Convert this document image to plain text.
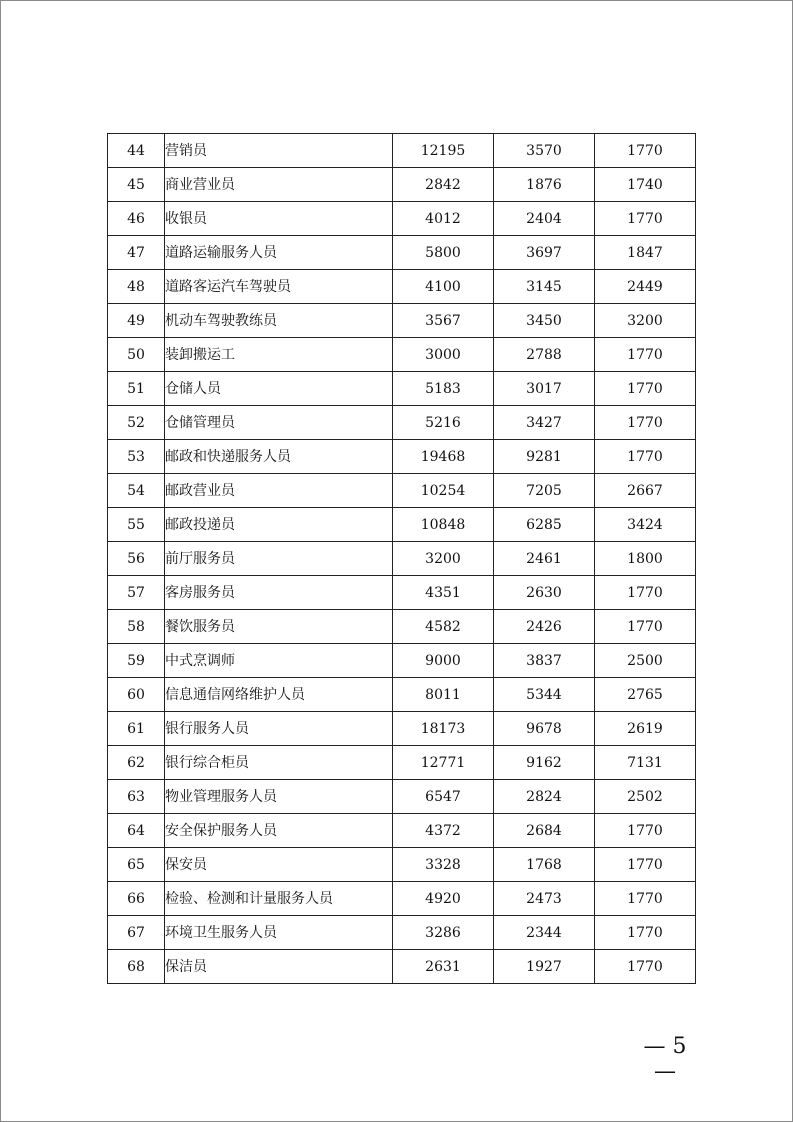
44	营销员	12195	3570	1770
45	商业营业员	2842	1876	1740
46	收银员	4012	2404	1770
47	道路运输服务人员	5800	3697	1847
48	道路客运汽车驾驶员	4100	3145	2449
49	机动车驾驶教练员	3567	3450	3200
50	装卸搬运工	3000	2788	1770
51	仓储人员	5183	3017	1770
52	仓储管理员	5216	3427	1770
53	邮政和快递服务人员	19468	9281	1770
54	邮政营业员	10254	7205	2667
55	邮政投递员	10848	6285	3424
56	前厅服务员	3200	2461	1800
57	客房服务员	4351	2630	1770
58	餐饮服务员	4582	2426	1770
59	中式烹调师	9000	3837	2500
60	信息通信网络维护人员	8011	5344	2765
61	银行服务人员	18173	9678	2619
62	银行综合柜员	12771	9162	7131
63	物业管理服务人员	6547	2824	2502
64	安全保护服务人员	4372	2684	1770
65	保安员	3328	1768	1770
66	检验、检测和计量服务人员	4920	2473	1770
67	环境卫生服务人员	3286	2344	1770
68	保洁员	2631	1927	1770
— 5 —
